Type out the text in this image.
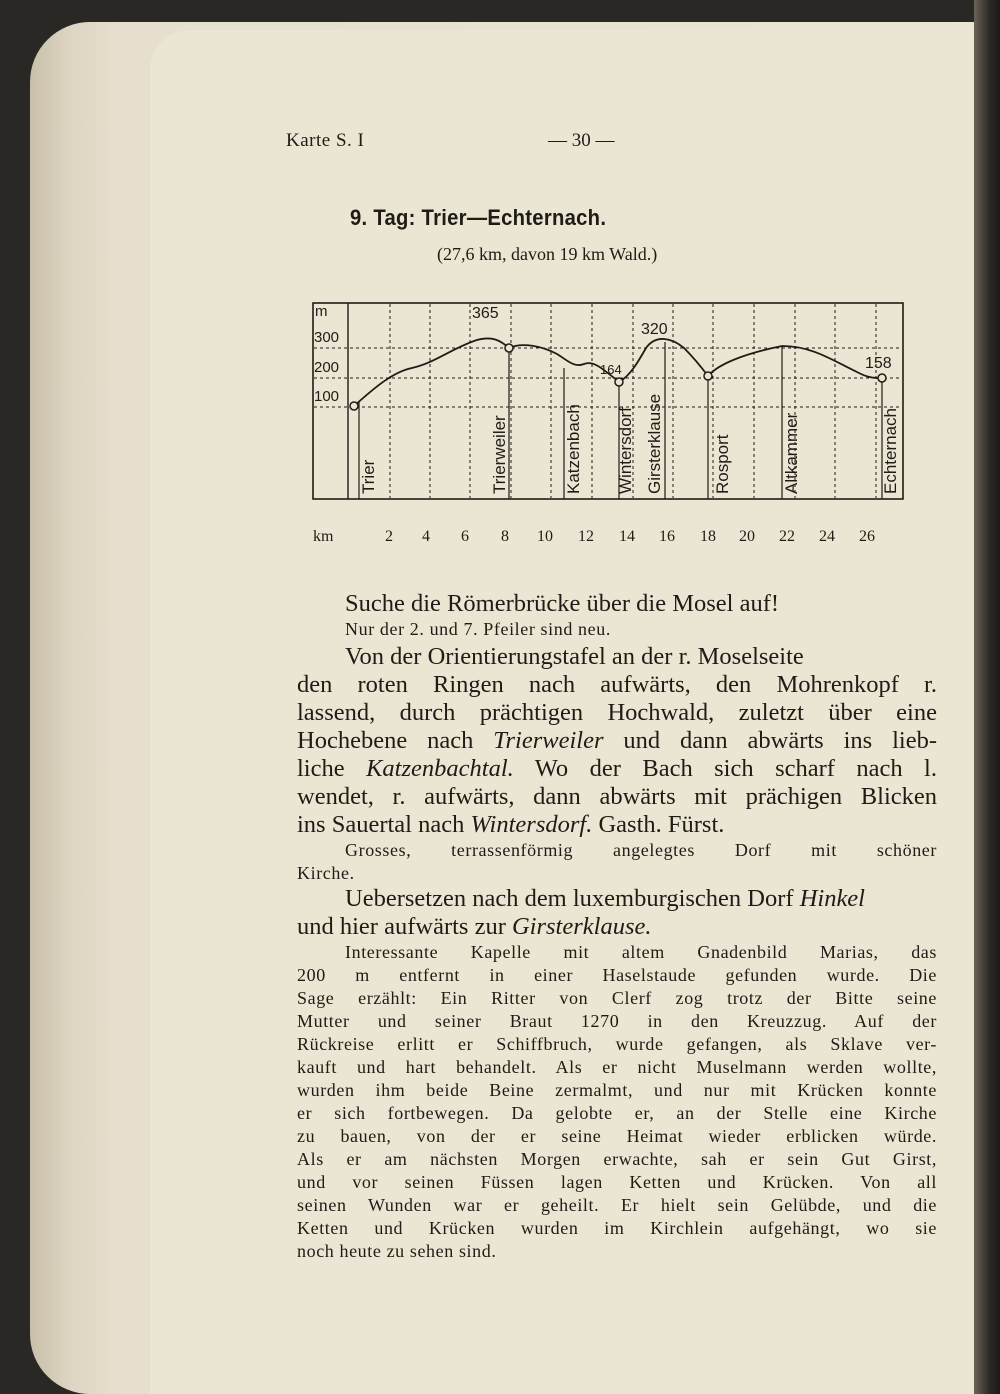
Karte S. I	— 30 —
9. Tag: Trier—Echternach.
(27,6 km, davon 19 km Wald.)
m
300
200
100
365
164
320
158
Trier	Trierweiler	Katzenbach Wintersdorf Girsterklause	Rosport	Altkammer	Echternach
km	2 4 6 8 10 12 14 16 18 20 22 24 26

Suche die Römerbrücke über die Mosel auf!

Nur der 2. und 7. Pfeiler sind neu.

Von der Orientierungstafel an der r. Moselseite
den roten Ringen nach aufwärts, den Mohrenkopf r.
lassend, durch prächtigen Hochwald, zuletzt über eine
Hochebene nach Trierweiler und dann abwärts ins lieb-
liche Katzenbachtal. Wo der Bach sich scharf nach l.
wendet, r. aufwärts, dann abwärts mit prächigen Blicken
ins Sauertal nach Wintersdorf. Gasth. Fürst.
Grosses, terrassenförmig angelegtes Dorf mit schöner
Kirche.
Uebersetzen nach dem luxemburgischen Dorf Hinkel
und hier aufwärts zur Girsterklause.
Interessante Kapelle mit altem Gnadenbild Marias, das
200 m entfernt in einer Haselstaude gefunden wurde. Die
Sage erzählt: Ein Ritter von Clerf zog trotz der Bitte seine
Mutter und seiner Braut 1270 in den Kreuzzug. Auf der
Rückreise erlitt er Schiffbruch, wurde gefangen, als Sklave ver-
kauft und hart behandelt. Als er nicht Muselmann werden wollte,
wurden ihm beide Beine zermalmt, und nur mit Krücken konnte
er sich fortbewegen. Da gelobte er, an der Stelle eine Kirche
zu bauen, von der er seine Heimat wieder erblicken würde.
Als er am nächsten Morgen erwachte, sah er sein Gut Girst,
und vor seinen Füssen lagen Ketten und Krücken. Von all
seinen Wunden war er geheilt. Er hielt sein Gelübde, und die
Ketten und Krücken wurden im Kirchlein aufgehängt, wo sie
noch heute zu sehen sind.
